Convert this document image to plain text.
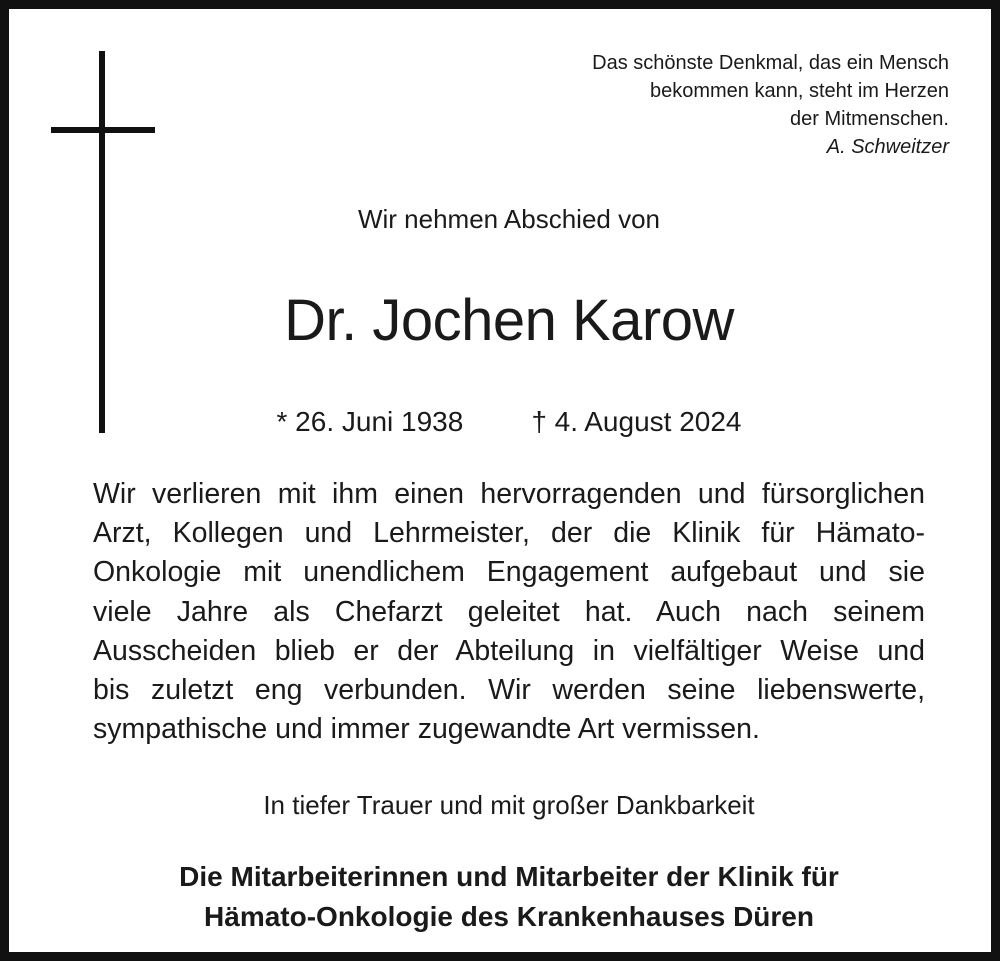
Das schönste Denkmal, das ein Mensch
bekommen kann, steht im Herzen
der Mitmenschen.
A. Schweitzer
Wir nehmen Abschied von
Dr. Jochen Karow
* 26. Juni 1938 † 4. August 2024
Wir verlieren mit ihm einen hervorragenden und fürsorglichen
Arzt, Kollegen und Lehrmeister, der die Klinik für Hämato-
Onkologie mit unendlichem Engagement aufgebaut und sie
viele Jahre als Chefarzt geleitet hat. Auch nach seinem
Ausscheiden blieb er der Abteilung in vielfältiger Weise und
bis zuletzt eng verbunden. Wir werden seine liebenswerte,
sympathische und immer zugewandte Art vermissen.
In tiefer Trauer und mit großer Dankbarkeit
Die Mitarbeiterinnen und Mitarbeiter der Klinik für
Hämato-Onkologie des Krankenhauses Düren
